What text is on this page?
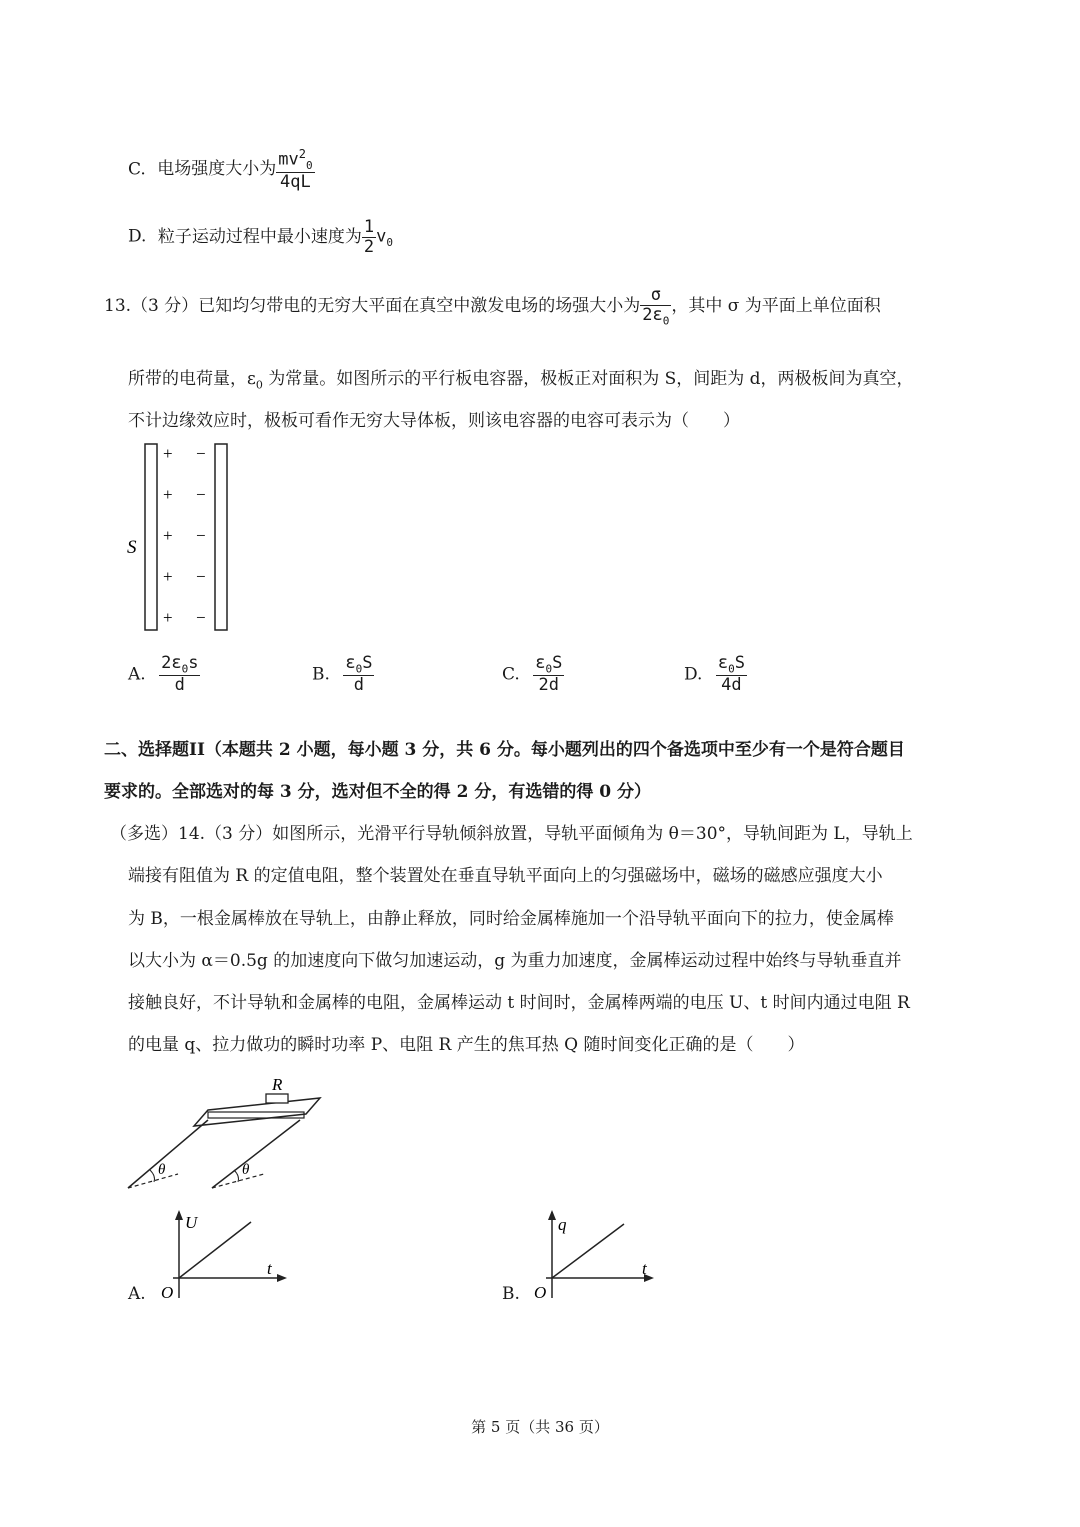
C. 电场强度大小为 $\frac{mv^2_0}{4qL}$
D. 粒子运动过程中最小速度为 $\frac{1}{2} v_0$
13.（3 分）已知均匀带电的无穷大平面在真空中激发电场的场强大小为 $\frac{\sigma}{2\varepsilon_0}$ ，其中 σ 为平面上单位面积
所带的电荷量，$\varepsilon_0$ 为常量。如图所示的平行板电容器，极板正对面积为 S，间距为 d，两极板间为真空，
不计边缘效应时，极板可看作无穷大导体板，则该电容器的电容可表示为（　　）
S
+
+
+
+
+
−
−
−
−
−
A. $\frac{2\varepsilon_0s}{d}$	B. $\frac{\varepsilon_0S}{d}$	C. $\frac{\varepsilon_0S}{2d}$	D. $\frac{\varepsilon_0S}{4d}$
二、选择题II（本题共 2 小题，每小题 3 分，共 6 分。每小题列出的四个备选项中至少有一个是符合题目
要求的。全部选对的每 3 分，选对但不全的得 2 分，有选错的得 0 分）
（多选）14.（3 分）如图所示，光滑平行导轨倾斜放置，导轨平面倾角为 θ＝30°，导轨间距为 L，导轨上
端接有阻值为 R 的定值电阻，整个装置处在垂直导轨平面向上的匀强磁场中，磁场的磁感应强度大小
为 B，一根金属棒放在导轨上，由静止释放，同时给金属棒施加一个沿导轨平面向下的拉力，使金属棒
以大小为 α＝0.5g 的加速度向下做匀加速运动，g 为重力加速度，金属棒运动过程中始终与导轨垂直并
接触良好，不计导轨和金属棒的电阻，金属棒运动 t 时间时，金属棒两端的电压 U、t 时间内通过电阻 R
的电量 q、拉力做功的瞬时功率 P、电阻 R 产生的焦耳热 Q 随时间变化正确的是（　　）
R
θ	θ
A.
U
t
O	B.
q
t
O
第 5 页（共 36 页）
